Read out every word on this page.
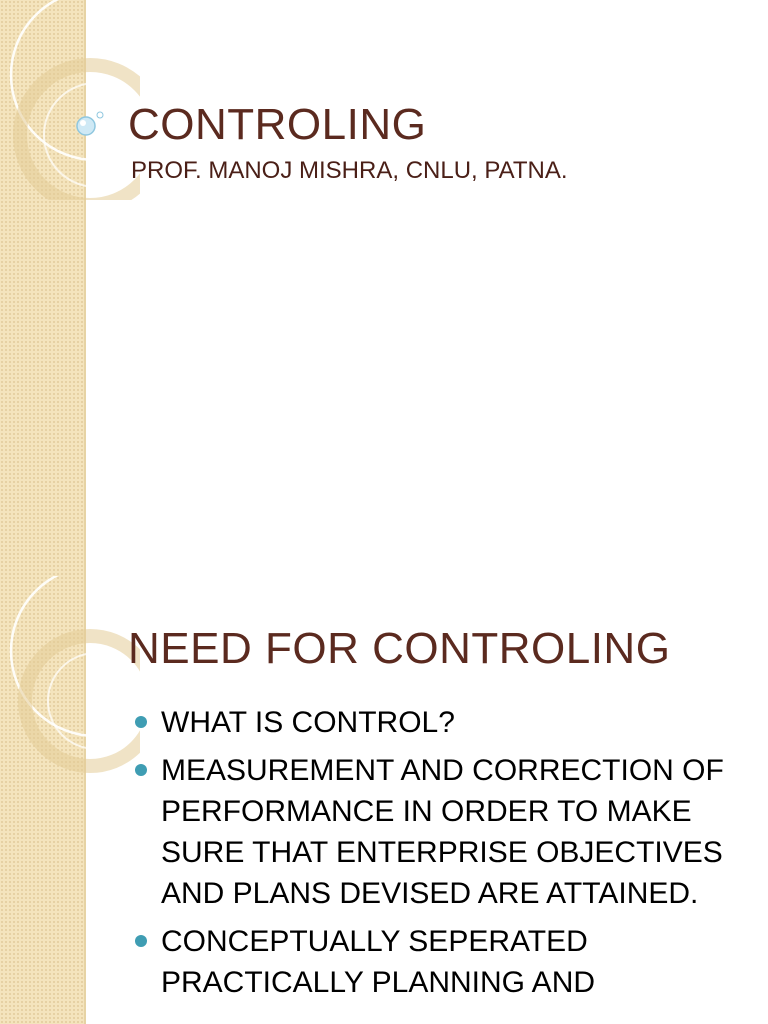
CONTROLING

PROF. MANOJ MISHRA, CNLU, PATNA.

NEED FOR CONTROLING
WHAT IS CONTROL?
MEASUREMENT AND CORRECTION OF PERFORMANCE IN ORDER TO MAKE SURE THAT ENTERPRISE OBJECTIVES AND PLANS DEVISED ARE ATTAINED.
CONCEPTUALLY SEPERATED PRACTICALLY PLANNING AND
